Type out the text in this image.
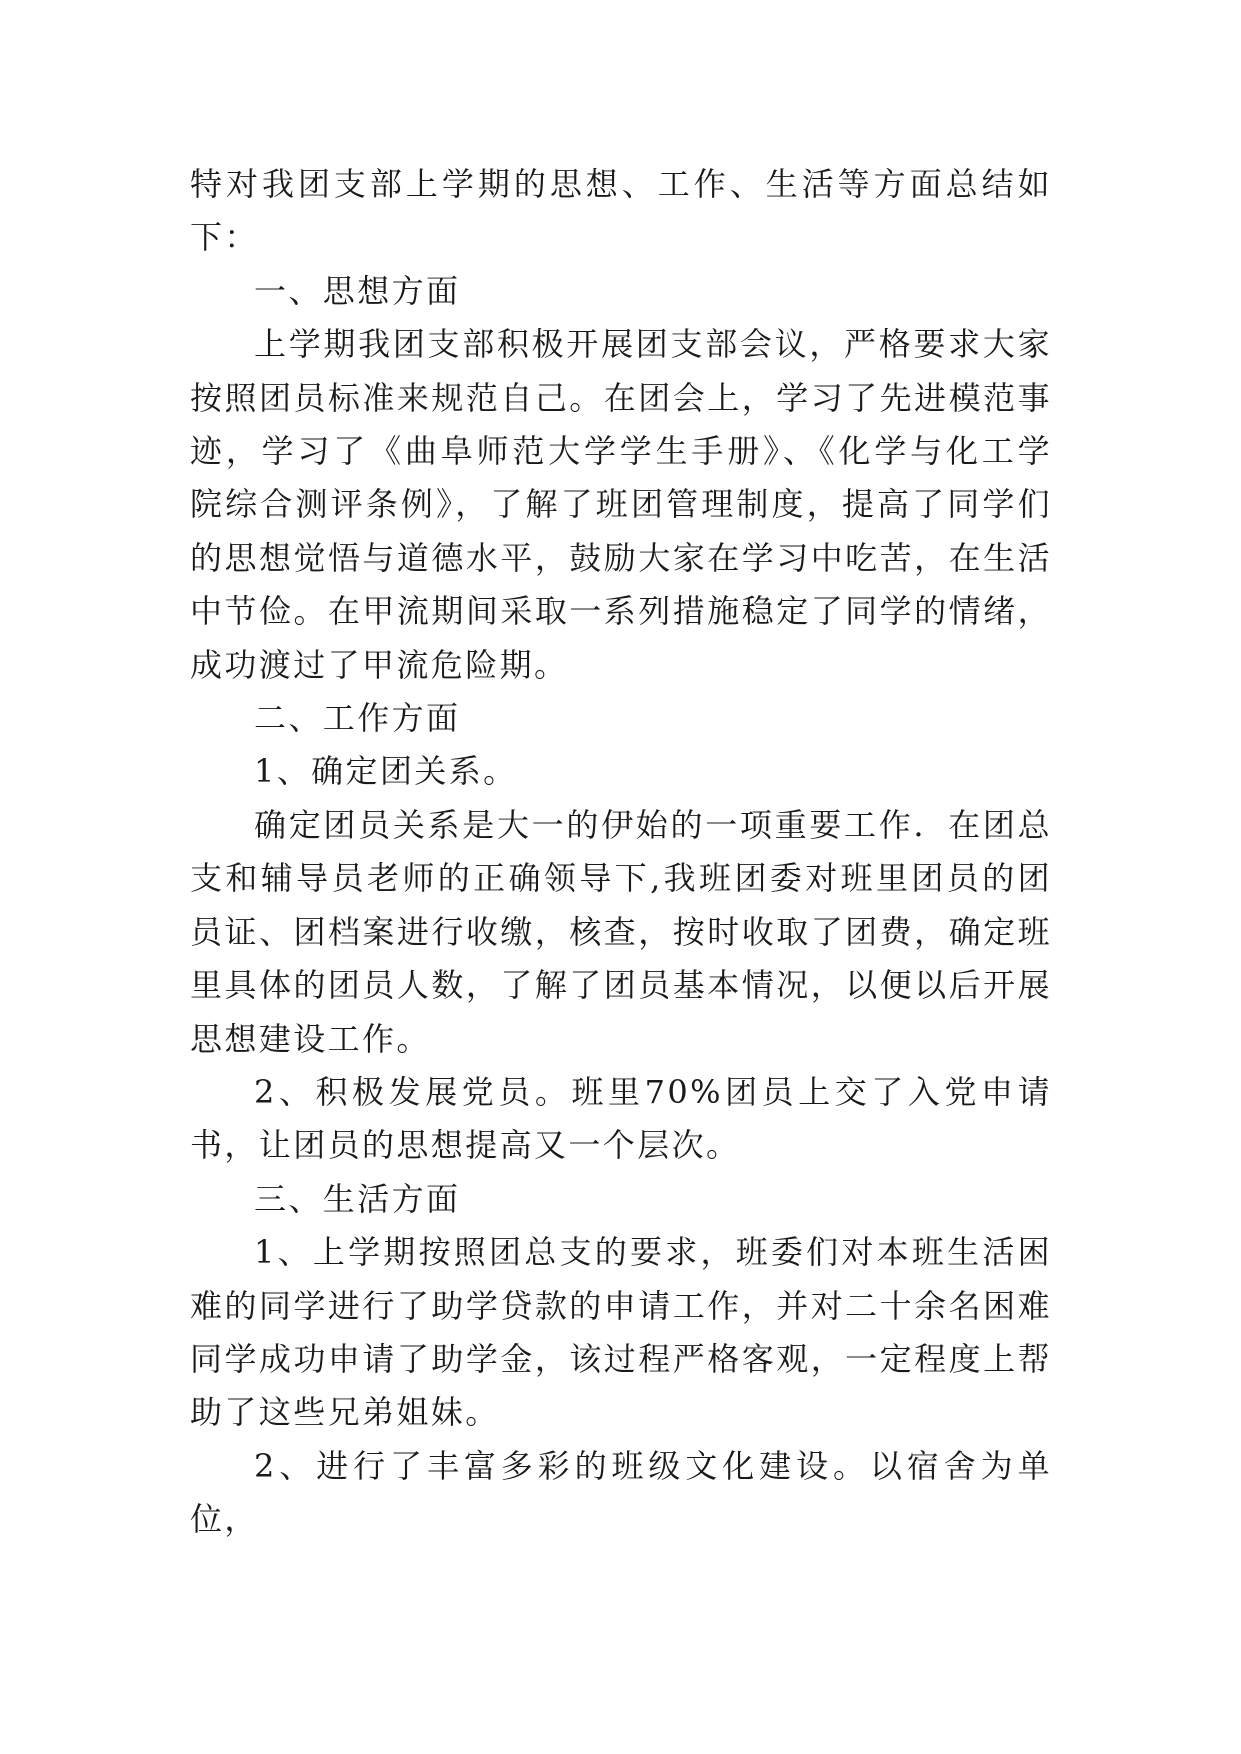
特对我团支部上学期的思想、工作、生活等方面总结如下：

一、思想方面

上学期我团支部积极开展团支部会议，严格要求大家按照团员标准来规范自己。在团会上，学习了先进模范事迹，学习了《曲阜师范大学学生手册》、《化学与化工学院综合测评条例》，了解了班团管理制度，提高了同学们的思想觉悟与道德水平，鼓励大家在学习中吃苦，在生活中节俭。在甲流期间采取一系列措施稳定了同学的情绪，成功渡过了甲流危险期。

二、工作方面

1、确定团关系。

确定团员关系是大一的伊始的一项重要工作．在团总支和辅导员老师的正确领导下,我班团委对班里团员的团员证、团档案进行收缴，核查，按时收取了团费，确定班里具体的团员人数，了解了团员基本情况，以便以后开展思想建设工作。

2、积极发展党员。班里70%团员上交了入党申请书，让团员的思想提高又一个层次。

三、生活方面

1、上学期按照团总支的要求，班委们对本班生活困难的同学进行了助学贷款的申请工作，并对二十余名困难同学成功申请了助学金，该过程严格客观，一定程度上帮助了这些兄弟姐妹。

2、进行了丰富多彩的班级文化建设。以宿舍为单位，
